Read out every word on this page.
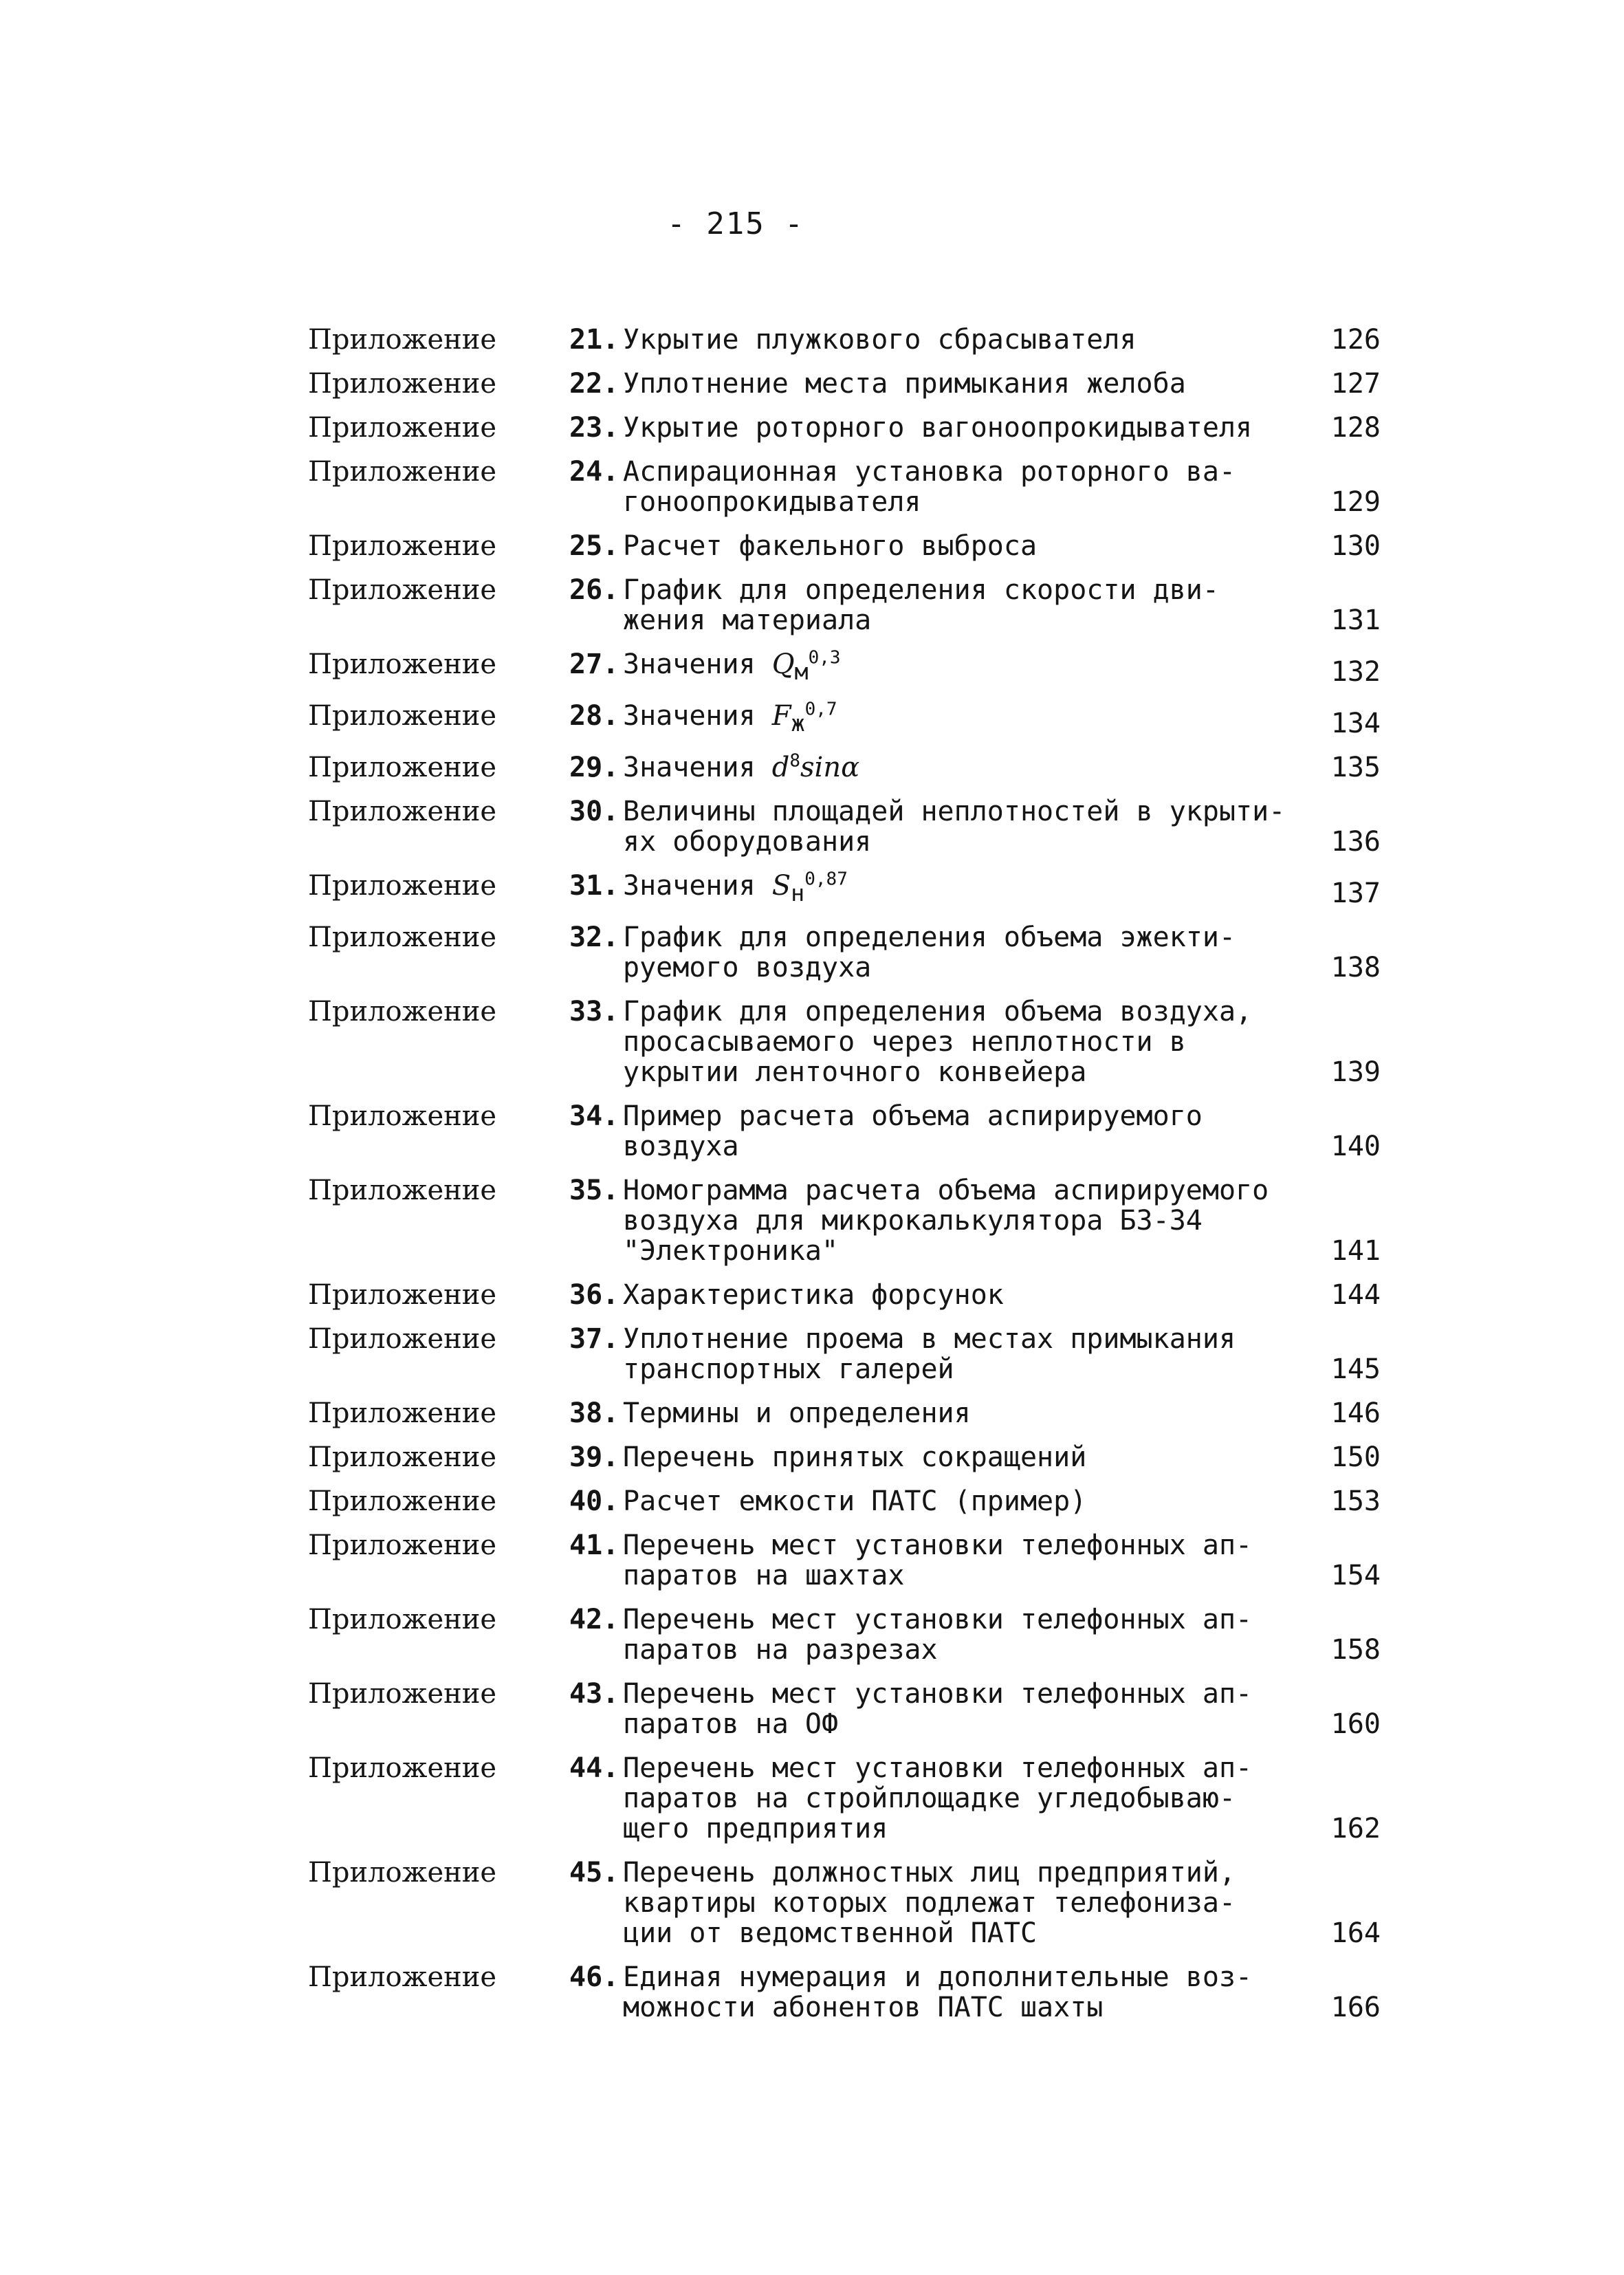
- 215 -
Приложение	21. Укрытие плужкового сбрасывателя	126
Приложение	22. Уплотнение места примыкания желоба	127
Приложение	23. Укрытие роторного вагоноопрокидывателя	128
Приложение	24. Аспирационная установка роторного ва-
гоноопрокидывателя	129
Приложение	25. Расчет факельного выброса	130
Приложение	26. График для определения скорости дви-
жения материала	131
Приложение	27. Значения $Q_м^{0,3}$	132
Приложение	28. Значения $F_ж^{0,7}$	134
Приложение	29. Значения $d^8\sin\alpha$	135
Приложение	30. Величины площадей неплотностей в укрыти-
ях оборудования	136
Приложение	31. Значения $S_н^{0,87}$	137
Приложение	32. График для определения объема эжекти-
руемого воздуха	138
Приложение	33. График для определения объема воздуха,
просасываемого через неплотности в
укрытии ленточного конвейера	139
Приложение	34. Пример расчета объема аспирируемого
воздуха	140
Приложение	35. Номограмма расчета объема аспирируемого
воздуха для микрокалькулятора БЗ-34
"Электроника"	141
Приложение	36. Характеристика форсунок	144
Приложение	37. Уплотнение проема в местах примыкания
транспортных галерей	145
Приложение	38. Термины и определения	146
Приложение	39. Перечень принятых сокращений	150
Приложение	40. Расчет емкости ПАТС (пример)	153
Приложение	41. Перечень мест установки телефонных ап-
паратов на шахтах	154
Приложение	42. Перечень мест установки телефонных ап-
паратов на разрезах	158
Приложение	43. Перечень мест установки телефонных ап-
паратов на ОФ	160
Приложение	44. Перечень мест установки телефонных ап-
паратов на стройплощадке угледобываю-
щего предприятия	162
Приложение	45. Перечень должностных лиц предприятий,
квартиры которых подлежат телефониза-
ции от ведомственной ПАТС	164
Приложение	46. Единая нумерация и дополнительные воз-
можности абонентов ПАТС шахты	166
